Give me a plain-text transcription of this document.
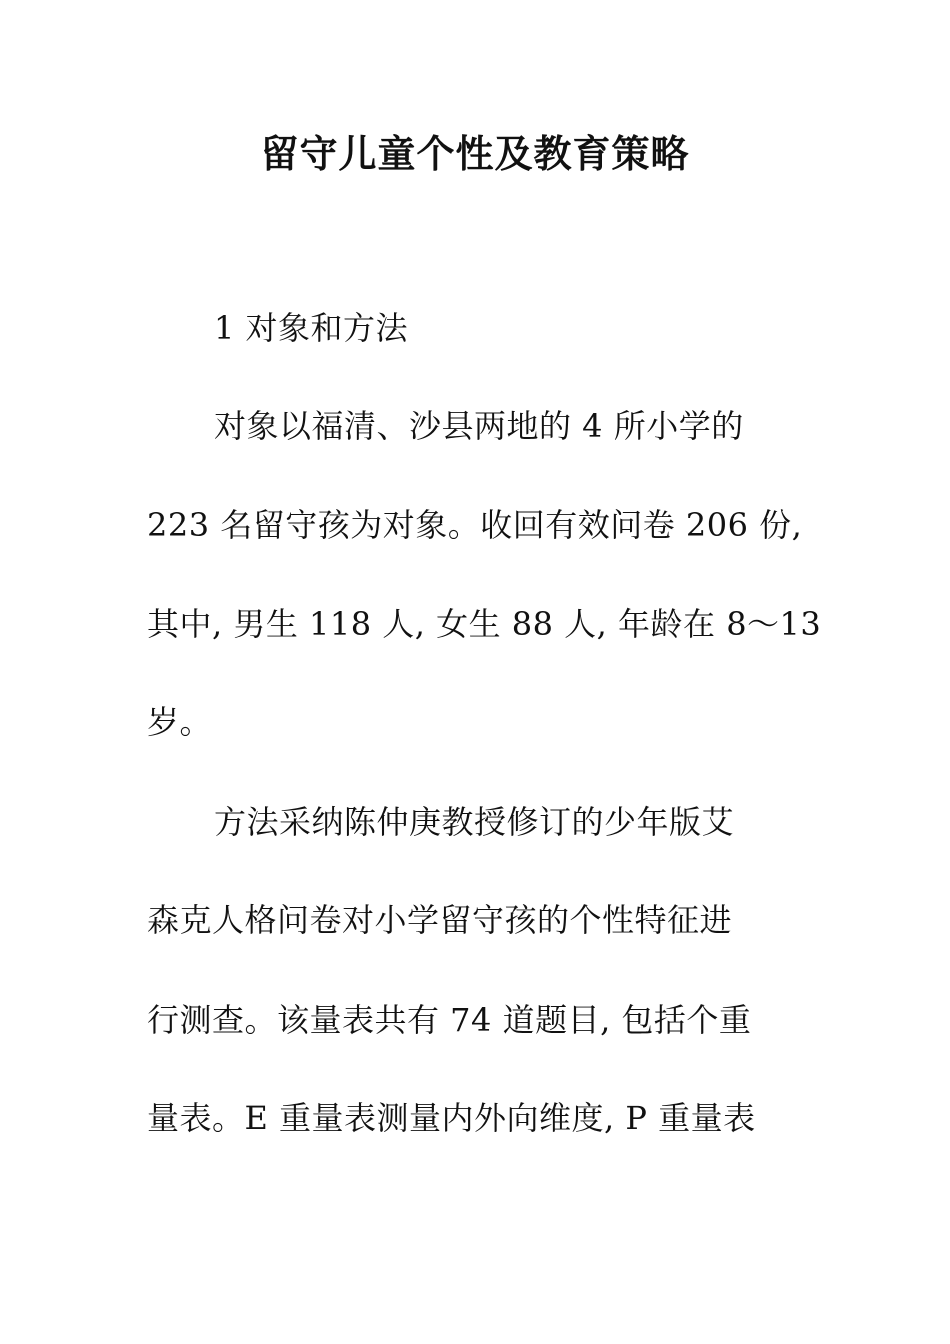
留守儿童个性及教育策略
1 对象和方法
对象以福清、沙县两地的 4 所小学的
223 名留守孩为对象。收回有效问卷 206 份,
其中, 男生 118 人, 女生 88 人, 年龄在 8～13
岁。
方法采纳陈仲庚教授修订的少年版艾
森克人格问卷对小学留守孩的个性特征进
行测查。该量表共有 74 道题目, 包括个重
量表。E 重量表测量内外向维度, P 重量表
